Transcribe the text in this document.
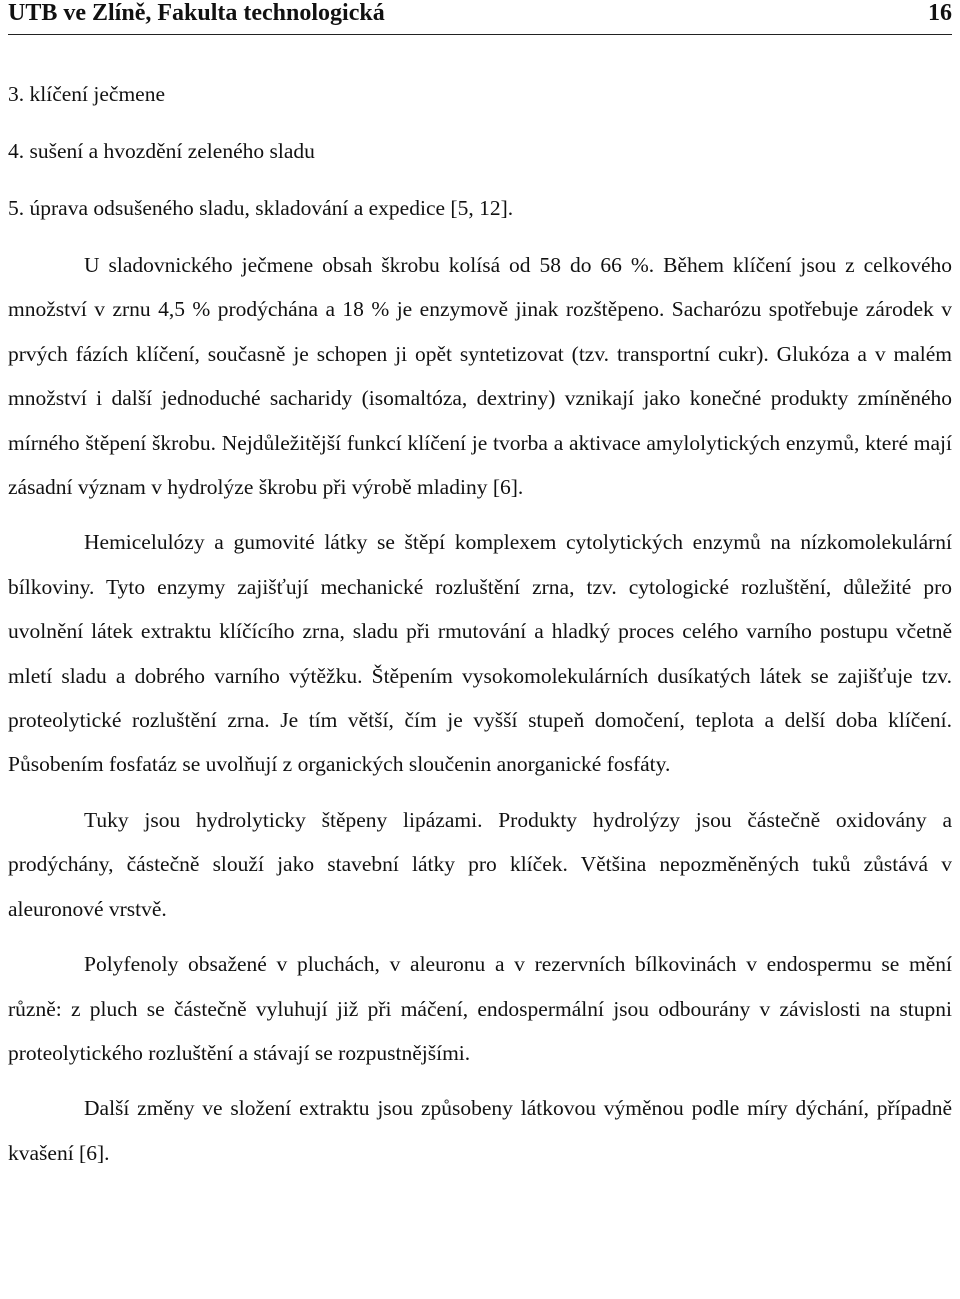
UTB ve Zlíně, Fakulta technologická	16
3. klíčení ječmene
4. sušení a hvozdění zeleného sladu
5. úprava odsušeného sladu, skladování a expedice [5, 12].

U sladovnického ječmene obsah škrobu kolísá od 58 do 66 %. Během klíčení jsou z celkového množství v zrnu 4,5 % prodýchána a 18 % je enzymově jinak rozštěpeno. Sacharózu spotřebuje zárodek v prvých fázích klíčení, současně je schopen ji opět syntetizovat (tzv. transportní cukr). Glukóza a v malém množství i další jednoduché sacharidy (isomaltóza, dextriny) vznikají jako konečné produkty zmíněného mírného štěpení škrobu. Nejdůležitější funkcí klíčení je tvorba a aktivace amylolytických enzymů, které mají zásadní význam v hydrolýze škrobu při výrobě mladiny [6].

Hemicelulózy a gumovité látky se štěpí komplexem cytolytických enzymů na nízkomolekulární bílkoviny. Tyto enzymy zajišťují mechanické rozluštění zrna, tzv. cytologické rozluštění, důležité pro uvolnění látek extraktu klíčícího zrna, sladu při rmutování a hladký proces celého varního postupu včetně mletí sladu a dobrého varního výtěžku. Štěpením vysokomolekulárních dusíkatých látek se zajišťuje tzv. proteolytické rozluštění zrna. Je tím větší, čím je vyšší stupeň domočení, teplota a delší doba klíčení. Působením fosfatáz se uvolňují z organických sloučenin anorganické fosfáty.

Tuky jsou hydrolyticky štěpeny lipázami. Produkty hydrolýzy jsou částečně oxidovány a prodýchány, částečně slouží jako stavební látky pro klíček. Většina nepozměněných tuků zůstává v aleuronové vrstvě.

Polyfenoly obsažené v pluchách, v aleuronu a v rezervních bílkovinách v endospermu se mění různě: z pluch se částečně vyluhují již při máčení, endospermální jsou odbourány v závislosti na stupni proteolytického rozluštění a stávají se rozpustnějšími.

Další změny ve složení extraktu jsou způsobeny látkovou výměnou podle míry dýchání, případně kvašení [6].
